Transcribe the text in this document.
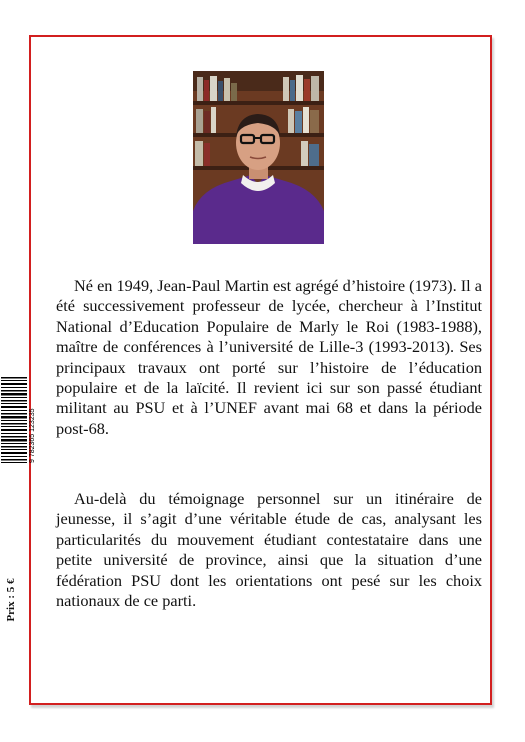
Né en 1949, Jean-Paul Martin est agrégé d’histoire (1973). Il a été successivement professeur de lycée, chercheur à l’Institut National d’Education Populaire de Marly le Roi (1983-1988), maître de conférences à l’université de Lille-3 (1993-2013). Ses principaux travaux ont porté sur l’histoire de l’éducation populaire et de la laïcité. Il revient ici sur son passé étudiant militant au PSU et à l’UNEF avant mai 68 et dans la période post-68.

Au-delà du témoignage personnel sur un itinéraire de jeunesse, il s’agit d’une véritable étude de cas, analysant les particularités du mouvement étudiant contestataire dans une petite université de province, ainsi que la situation d’une fédération PSU dont les orientations ont pesé sur les choix nationaux de ce parti.

9 782365 123235
Prix : 5 €
